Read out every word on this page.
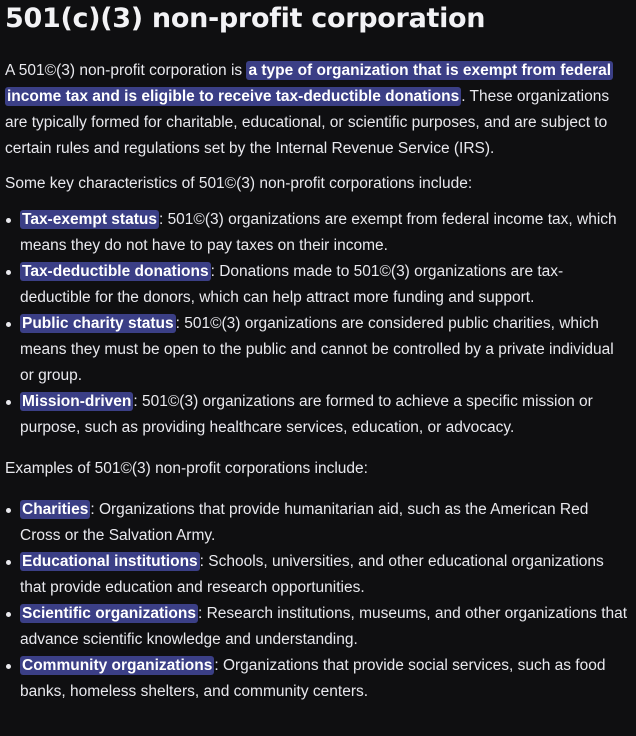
501(c)(3) non-profit corporation

A 501©(3) non-profit corporation is a type of organization that is exempt from federal income tax and is eligible to receive tax-deductible donations . These organizations are typically formed for charitable, educational, or scientific purposes, and are subject to certain rules and regulations set by the Internal Revenue Service (IRS).

Some key characteristics of 501©(3) non-profit corporations include:

Tax-exempt status : 501©(3) organizations are exempt from federal income tax, which means they do not have to pay taxes on their income.
Tax-deductible donations : Donations made to 501©(3) organizations are tax-deductible for the donors, which can help attract more funding and support.
Public charity status : 501©(3) organizations are considered public charities, which means they must be open to the public and cannot be controlled by a private individual or group.
Mission-driven : 501©(3) organizations are formed to achieve a specific mission or purpose, such as providing healthcare services, education, or advocacy.

Examples of 501©(3) non-profit corporations include:

Charities : Organizations that provide humanitarian aid, such as the American Red Cross or the Salvation Army.
Educational institutions : Schools, universities, and other educational organizations that provide education and research opportunities.
Scientific organizations : Research institutions, museums, and other organizations that advance scientific knowledge and understanding.
Community organizations : Organizations that provide social services, such as food banks, homeless shelters, and community centers.
